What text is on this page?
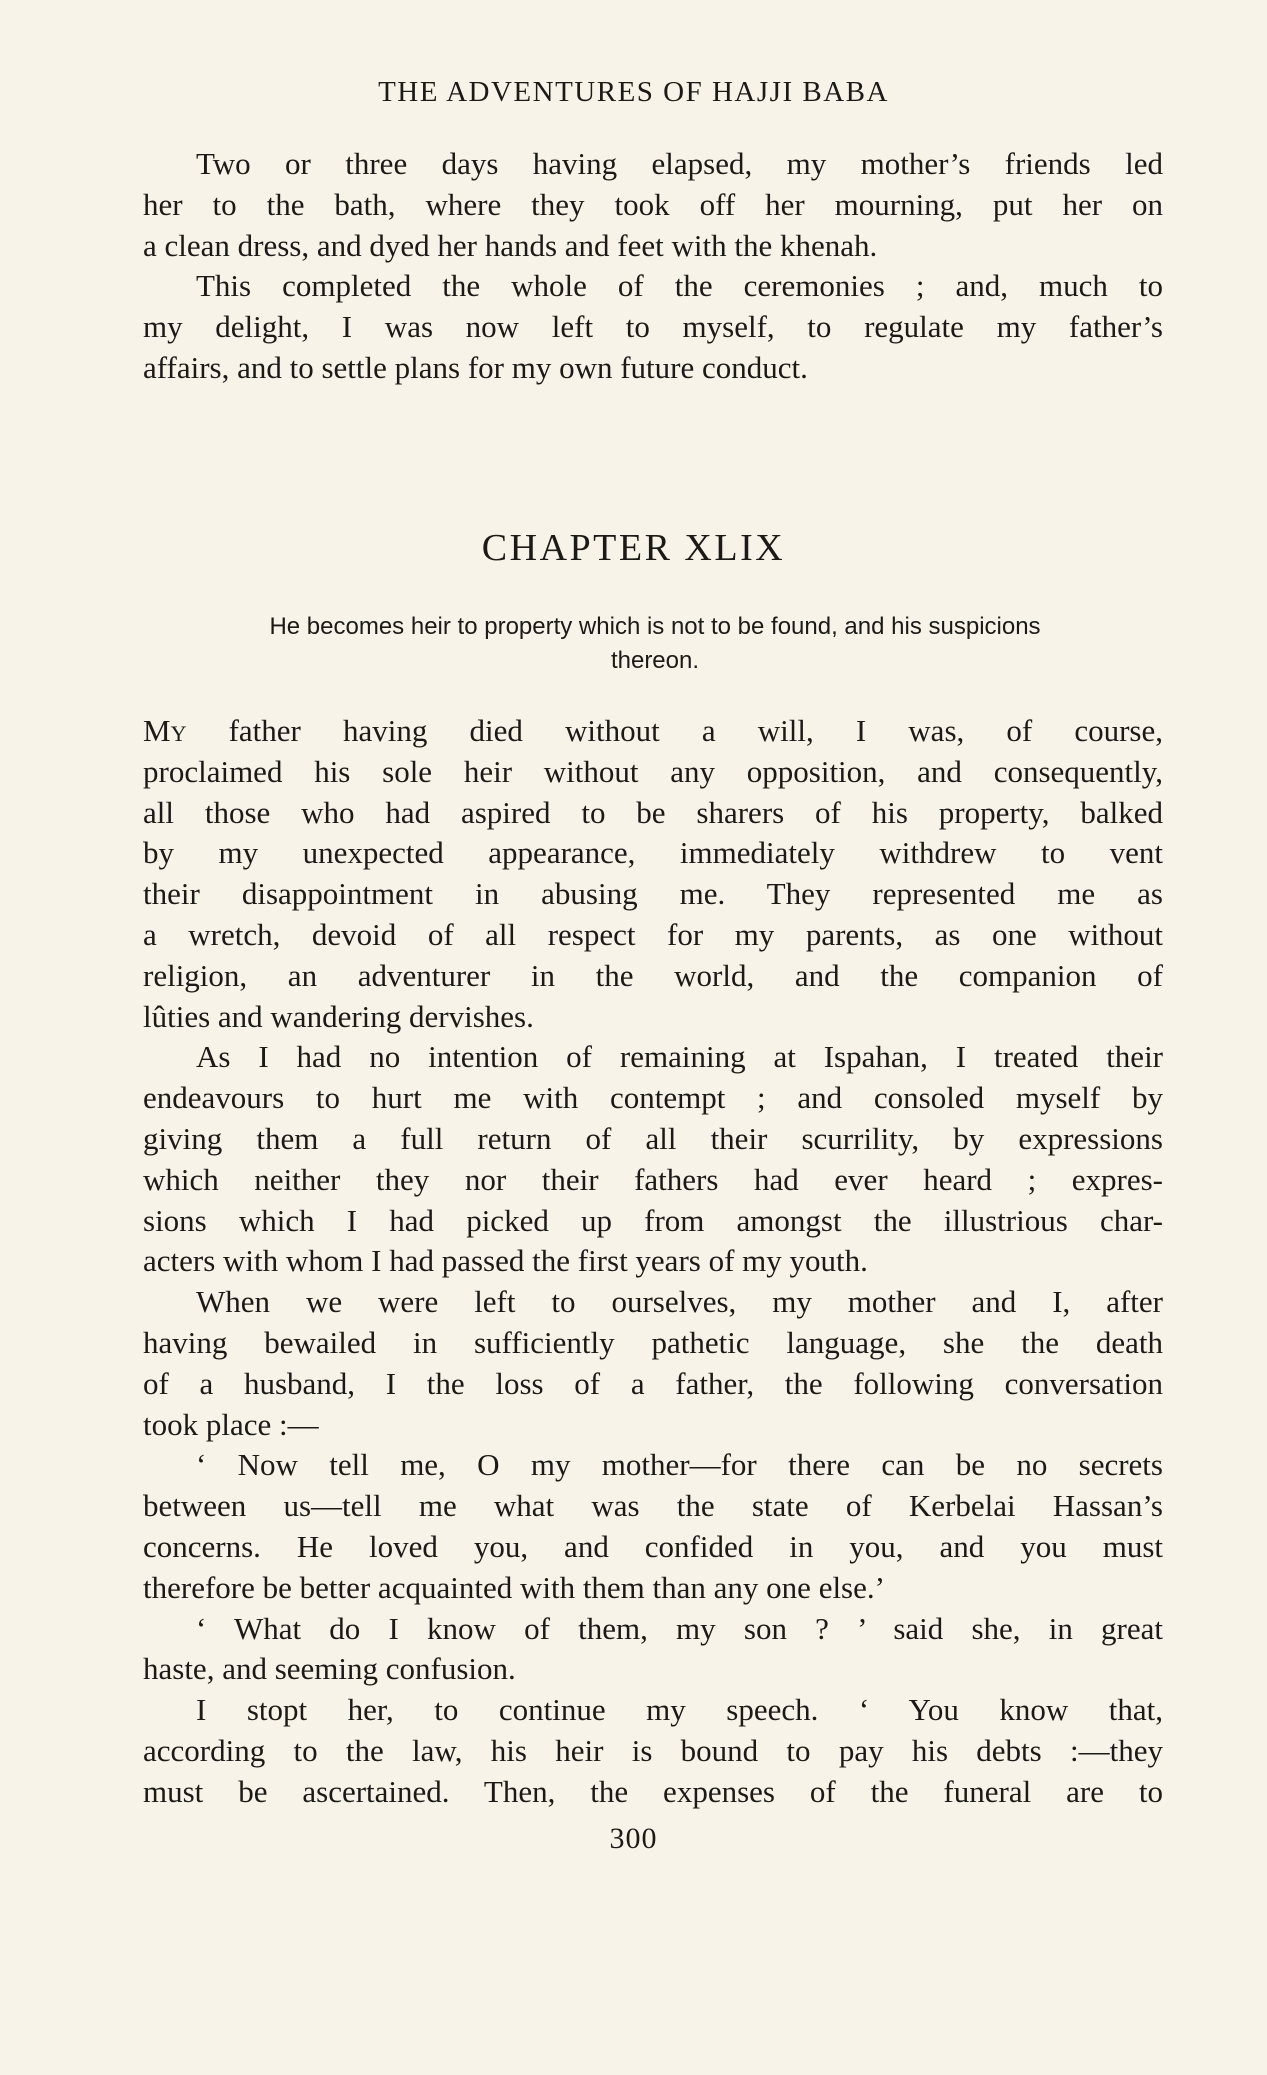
THE ADVENTURES OF HAJJI BABA
Two or three days having elapsed, my mother’s friends led
her to the bath, where they took off her mourning, put her on
a clean dress, and dyed her hands and feet with the khenah.
This completed the whole of the ceremonies ; and, much to
my delight, I was now left to myself, to regulate my father’s
affairs, and to settle plans for my own future conduct.
CHAPTER XLIX
He becomes heir to property which is not to be found, and his suspicions
thereon.
My father having died without a will, I was, of course,
proclaimed his sole heir without any opposition, and consequently,
all those who had aspired to be sharers of his property, balked
by my unexpected appearance, immediately withdrew to vent
their disappointment in abusing me. They represented me as
a wretch, devoid of all respect for my parents, as one without
religion, an adventurer in the world, and the companion of
lûties and wandering dervishes.
As I had no intention of remaining at Ispahan, I treated their
endeavours to hurt me with contempt ; and consoled myself by
giving them a full return of all their scurrility, by expressions
which neither they nor their fathers had ever heard ; expres-
sions which I had picked up from amongst the illustrious char-
acters with whom I had passed the first years of my youth.
When we were left to ourselves, my mother and I, after
having bewailed in sufficiently pathetic language, she the death
of a husband, I the loss of a father, the following conversation
took place :—
‘ Now tell me, O my mother—for there can be no secrets
between us—tell me what was the state of Kerbelai Hassan’s
concerns. He loved you, and confided in you, and you must
therefore be better acquainted with them than any one else.’
‘ What do I know of them, my son ? ’ said she, in great
haste, and seeming confusion.
I stopt her, to continue my speech. ‘ You know that,
according to the law, his heir is bound to pay his debts :—they
must be ascertained. Then, the expenses of the funeral are to
300
